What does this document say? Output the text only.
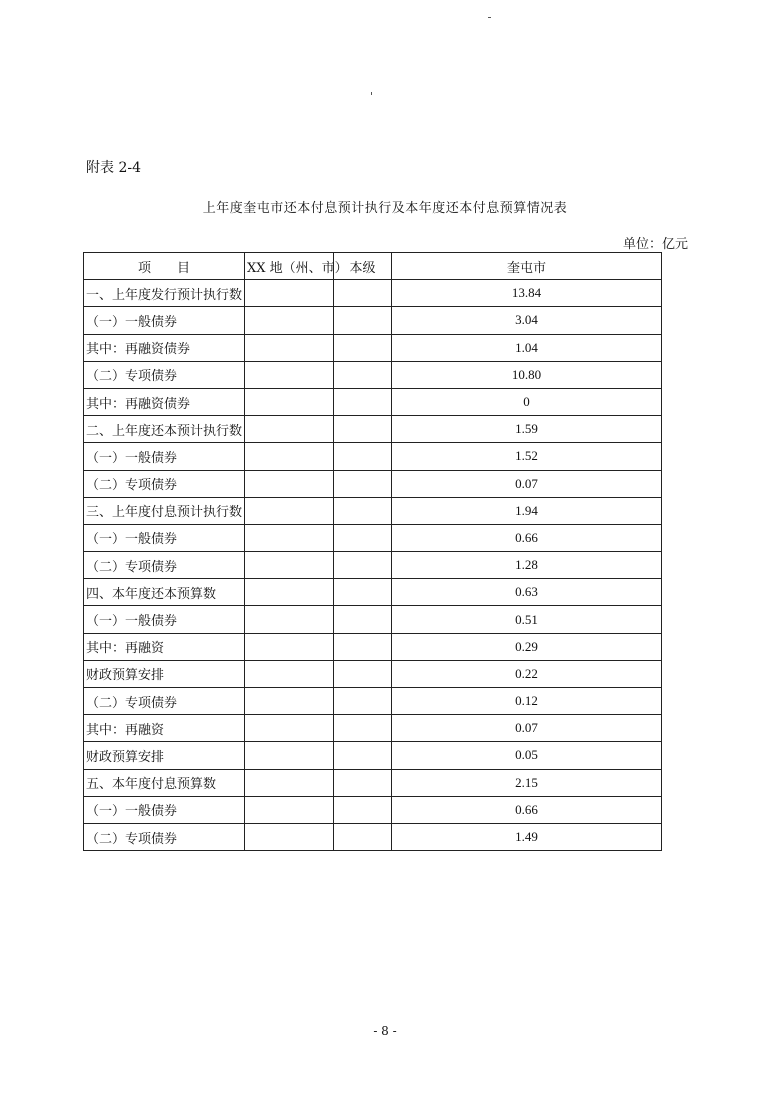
附表 2-4
上年度奎屯市还本付息预计执行及本年度还本付息预算情况表
单位：亿元
项　　目	XX 地（州、市）	本级	奎屯市
一、上年度发行预计执行数			13.84
（一）一般债券			3.04
其中：再融资债券			1.04
（二）专项债券			10.80
其中：再融资债券			0
二、上年度还本预计执行数			1.59
（一）一般债券			1.52
（二）专项债券			0.07
三、上年度付息预计执行数			1.94
（一）一般债券			0.66
（二）专项债券			1.28
四、本年度还本预算数			0.63
（一）一般债券			0.51
其中：再融资			0.29
财政预算安排			0.22
（二）专项债券			0.12
其中：再融资			0.07
财政预算安排			0.05
五、本年度付息预算数			2.15
（一）一般债券			0.66
（二）专项债券			1.49
- 8 -
